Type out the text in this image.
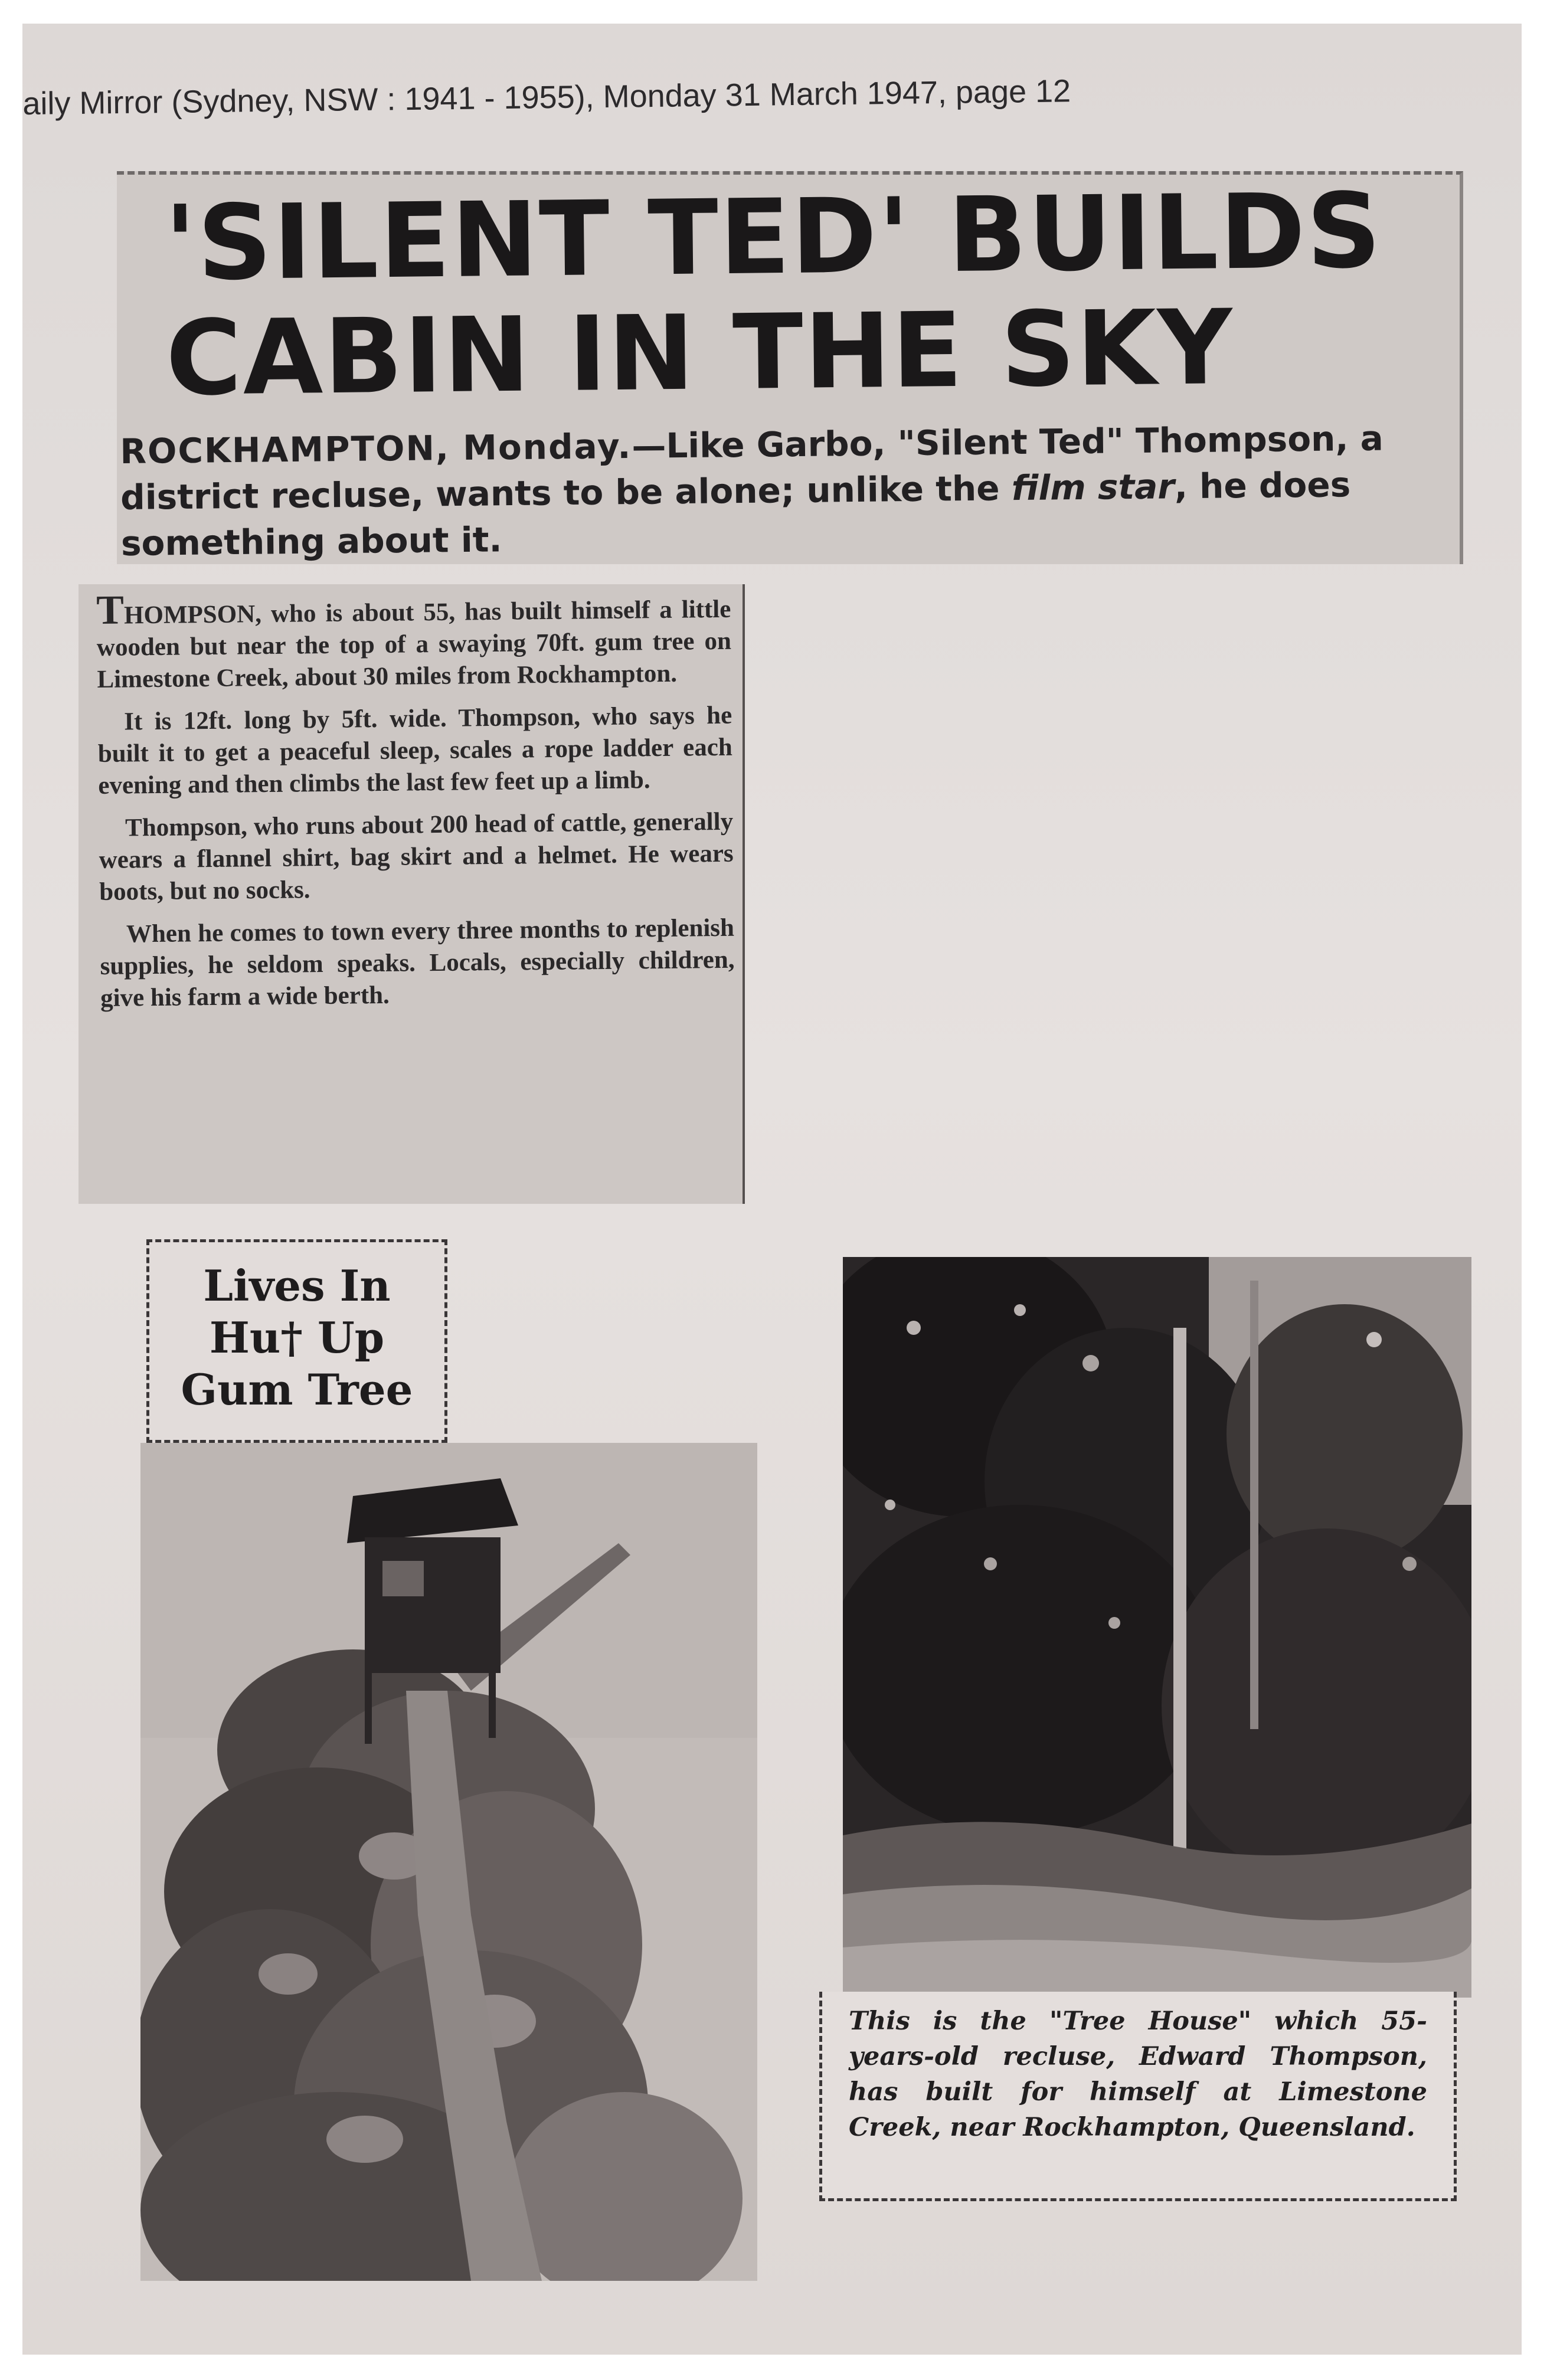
aily Mirror (Sydney, NSW : 1941 - 1955), Monday 31 March 1947, page 12
'SILENT TED' BUILDS
CABIN IN THE SKY
ROCKHAMPTON, Monday.—Like Garbo, "Silent Ted" Thompson, a district recluse, wants to be alone; unlike the film star, he does something about it.

THOMPSON, who is about 55, has built himself a little wooden but near the top of a swaying 70ft. gum tree on Limestone Creek, about 30 miles from Rockhampton.

It is 12ft. long by 5ft. wide. Thompson, who says he built it to get a peaceful sleep, scales a rope ladder each evening and then climbs the last few feet up a limb.

Thompson, who runs about 200 head of cattle, generally wears a flannel shirt, bag skirt and a helmet. He wears boots, but no socks.

When he comes to town every three months to replenish supplies, he seldom speaks. Locals, especially children, give his farm a wide berth.

Lives In
Hu† Up
Gum Tree
This is the "Tree House" which 55-years-old recluse, Edward Thompson, has built for himself at Limestone Creek, near Rockhampton, Queensland.
